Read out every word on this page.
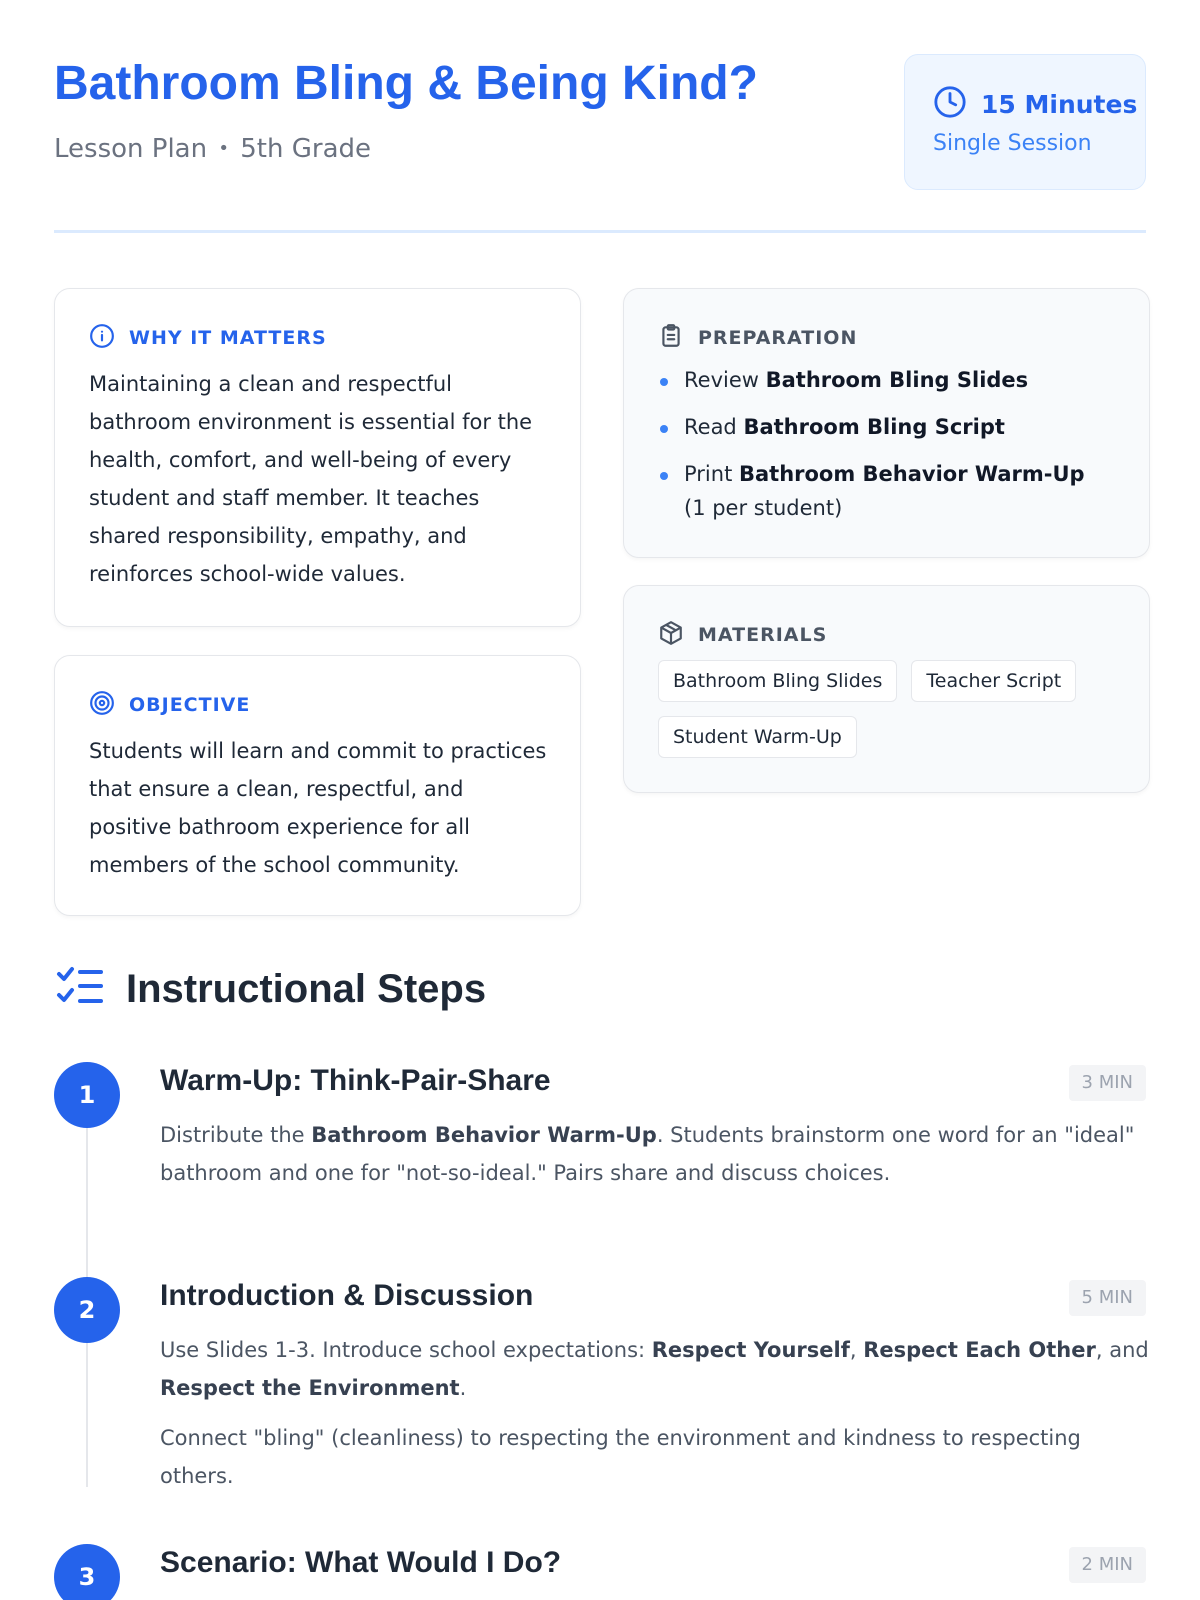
Bathroom Bling & Being Kind?
Lesson Plan • 5th Grade
15 Minutes
Single Session
WHY IT MATTERS
Maintaining a clean and respectful bathroom environment is essential for the health, comfort, and well-being of every student and staff member. It teaches shared responsibility, empathy, and reinforces school-wide values.
OBJECTIVE
Students will learn and commit to practices that ensure a clean, respectful, and positive bathroom experience for all members of the school community.
PREPARATION
Review Bathroom Bling Slides
Read Bathroom Bling Script
Print Bathroom Behavior Warm-Up (1 per student)
MATERIALS
Bathroom Bling Slides	Teacher Script
Student Warm-Up
Instructional Steps
1	Warm-Up: Think-Pair-Share	3 MIN

Distribute the Bathroom Behavior Warm-Up. Students brainstorm one word for an "ideal" bathroom and one for "not-so-ideal." Pairs share and discuss choices.

2	Introduction & Discussion	5 MIN

Use Slides 1-3. Introduce school expectations: Respect Yourself, Respect Each Other, and Respect the Environment.

Connect "bling" (cleanliness) to respecting the environment and kindness to respecting others.

3	Scenario: What Would I Do?	2 MIN
